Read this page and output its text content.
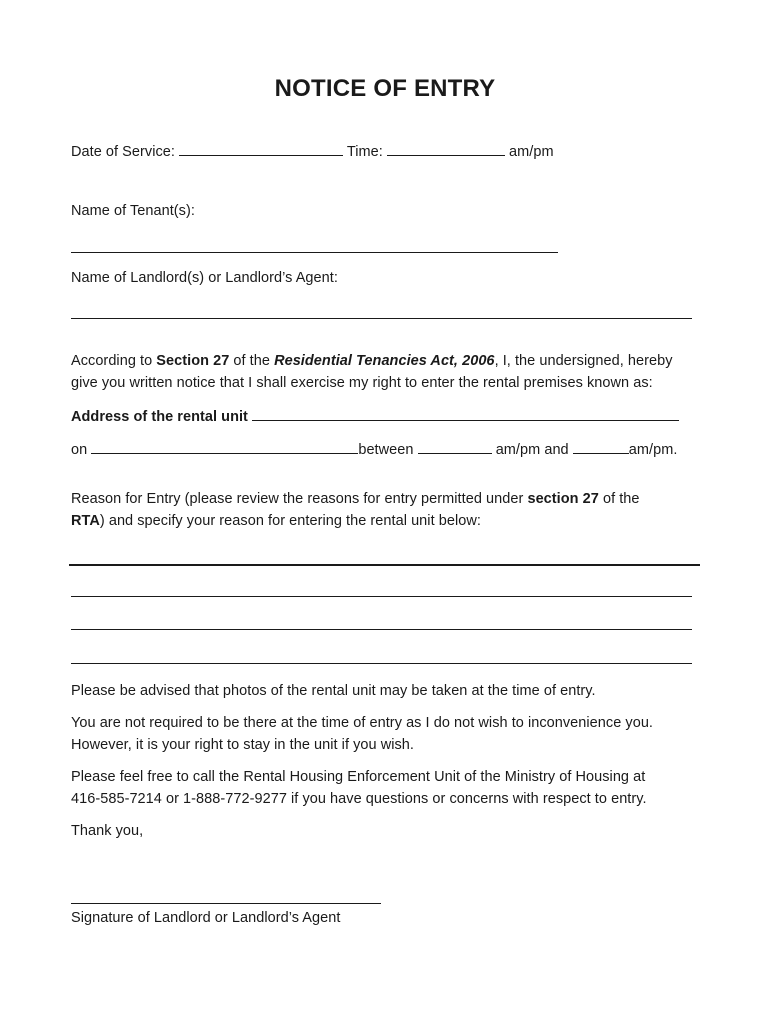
NOTICE OF ENTRY
Date of Service:	Time:	am/pm
Name of Tenant(s):
Name of Landlord(s) or Landlord’s Agent:
According to Section 27 of the Residential Tenancies Act, 2006, I, the undersigned, hereby
give you written notice that I shall exercise my right to enter the rental premises known as:
Address of the rental unit
on	between	am/pm and	am/pm.
Reason for Entry (please review the reasons for entry permitted under section 27 of the
RTA) and specify your reason for entering the rental unit below:
Please be advised that photos of the rental unit may be taken at the time of entry.
You are not required to be there at the time of entry as I do not wish to inconvenience you.
However, it is your right to stay in the unit if you wish.
Please feel free to call the Rental Housing Enforcement Unit of the Ministry of Housing at
416-585-7214 or 1-888-772-9277 if you have questions or concerns with respect to entry.
Thank you,
Signature of Landlord or Landlord’s Agent
